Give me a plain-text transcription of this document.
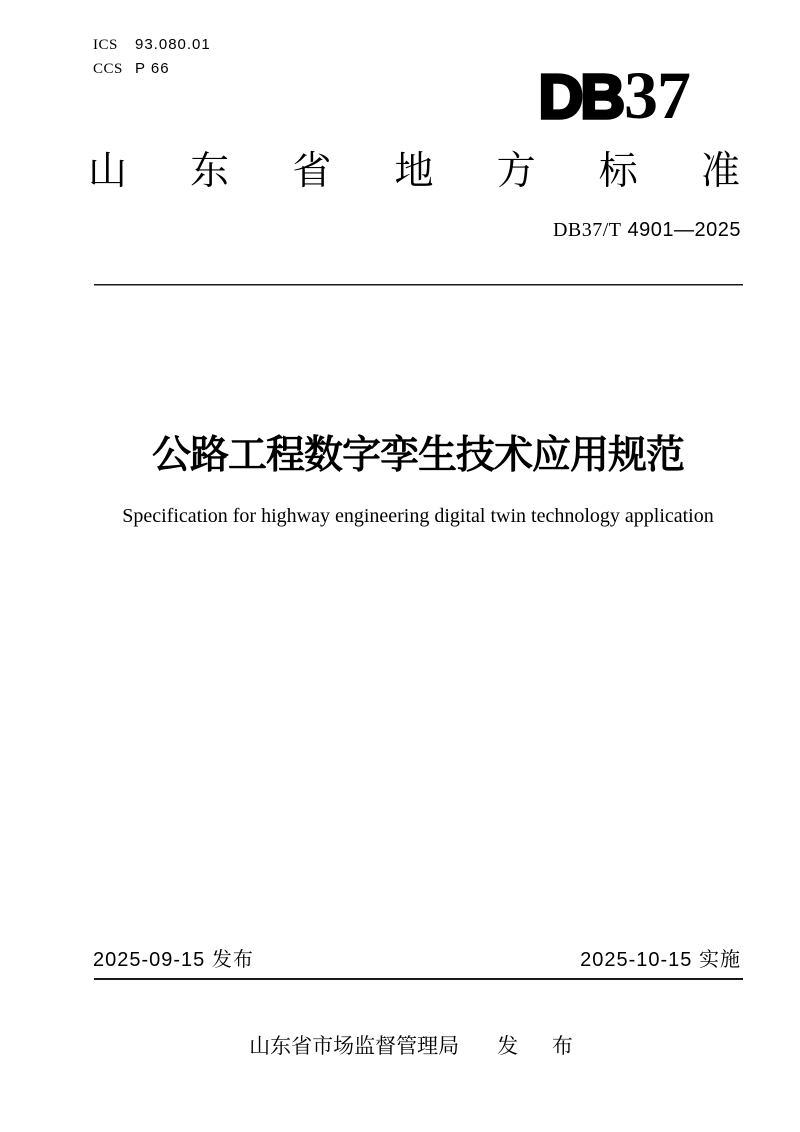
ICS 93.080.01
CCS P 66	DB37
山 东 省 地 方 标 准
DB37/T 4901—2025
公路工程数字孪生技术应用规范
Specification for highway engineering digital twin technology application
2025-09-15 发布	2025-10-15 实施
山东省市场监督管理局 发 布
